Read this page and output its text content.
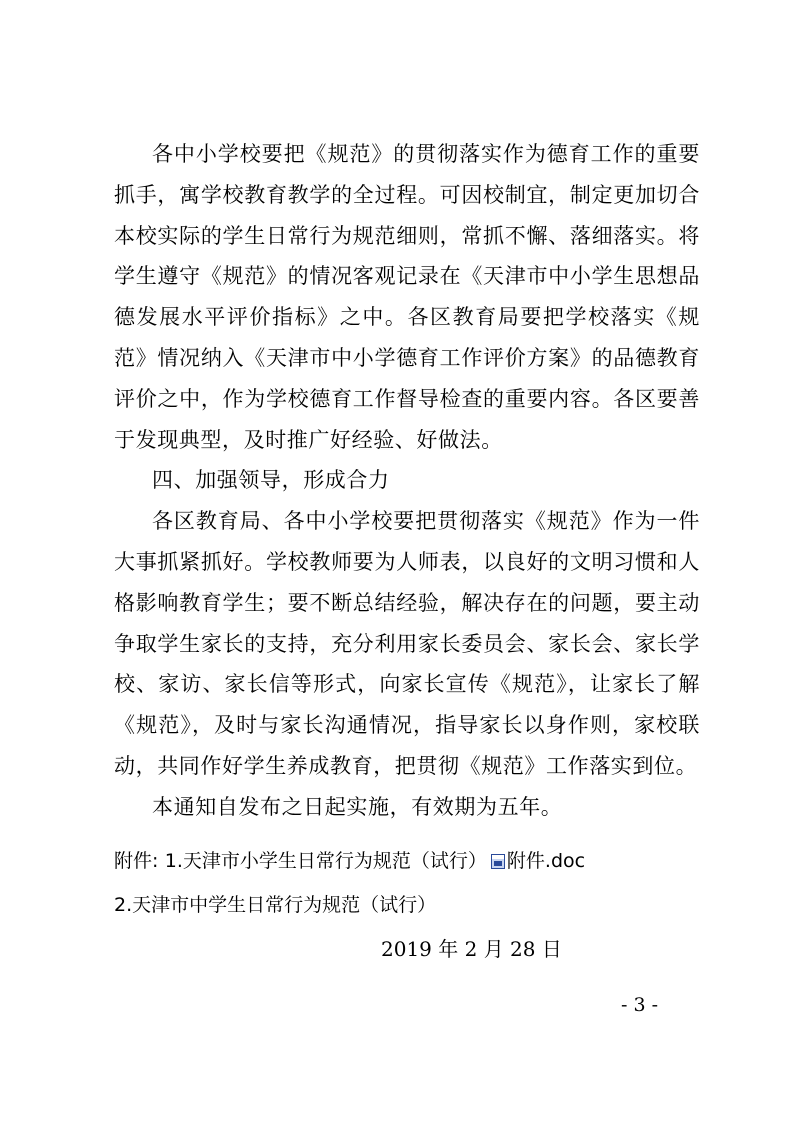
各中小学校要把《规范》的贯彻落实作为德育工作的重要抓手，寓学校教育教学的全过程。可因校制宜，制定更加切合本校实际的学生日常行为规范细则，常抓不懈、落细落实。将学生遵守《规范》的情况客观记录在《天津市中小学生思想品德发展水平评价指标》之中。各区教育局要把学校落实《规范》情况纳入《天津市中小学德育工作评价方案》的品德教育评价之中，作为学校德育工作督导检查的重要内容。各区要善于发现典型，及时推广好经验、好做法。

四、加强领导，形成合力

各区教育局、各中小学校要把贯彻落实《规范》作为一件大事抓紧抓好。学校教师要为人师表，以良好的文明习惯和人格影响教育学生；要不断总结经验，解决存在的问题，要主动争取学生家长的支持，充分利用家长委员会、家长会、家长学校、家访、家长信等形式，向家长宣传《规范》，让家长了解《规范》，及时与家长沟通情况，指导家长以身作则，家校联动，共同作好学生养成教育，把贯彻《规范》工作落实到位。

本通知自发布之日起实施，有效期为五年。

附件: 1.天津市小学生日常行为规范（试行） 附件.doc
2.天津市中学生日常行为规范（试行）
2019 年 2 月 28 日
- 3 -
